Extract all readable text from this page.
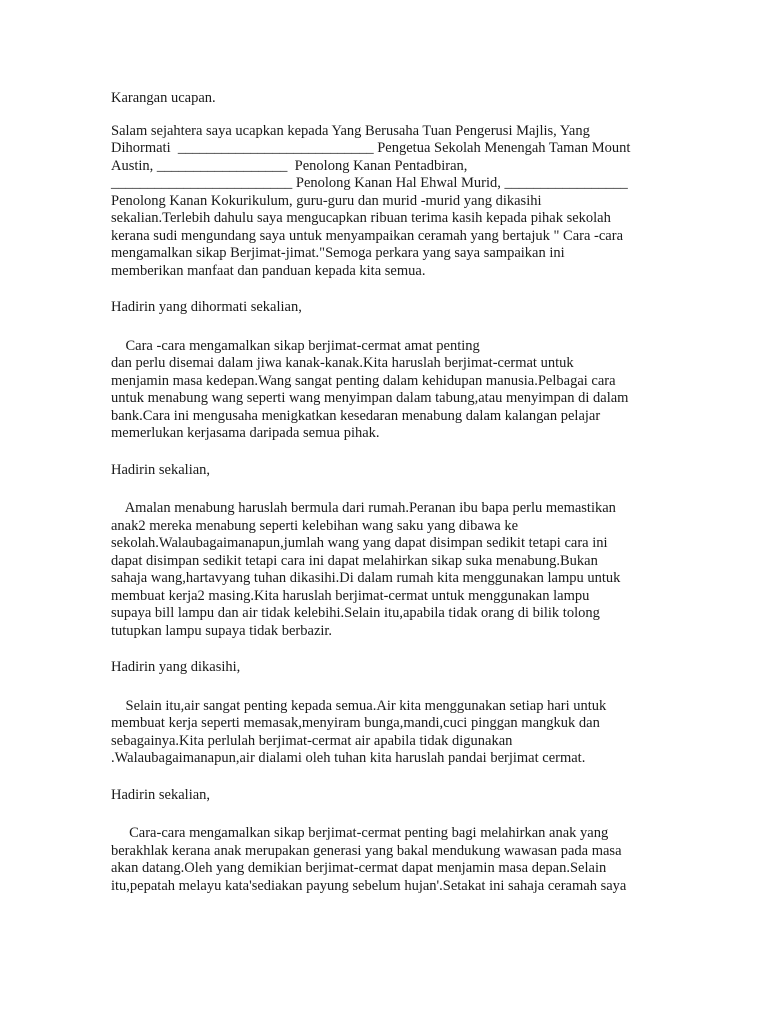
Karangan ucapan.

Salam sejahtera saya ucapkan kepada Yang Berusaha Tuan Pengerusi Majlis, Yang
Dihormati  ___________________________ Pengetua Sekolah Menengah Taman Mount
Austin, __________________  Penolong Kanan Pentadbiran,
_________________________ Penolong Kanan Hal Ehwal Murid, _________________
Penolong Kanan Kokurikulum, guru-guru dan murid -murid yang dikasihi
sekalian.Terlebih dahulu saya mengucapkan ribuan terima kasih kepada pihak sekolah
kerana sudi mengundang saya untuk menyampaikan ceramah yang bertajuk " Cara -cara
mengamalkan sikap Berjimat-jimat."Semoga perkara yang saya sampaikan ini
memberikan manfaat dan panduan kepada kita semua.

Hadirin yang dihormati sekalian,

Cara -cara mengamalkan sikap berjimat-cermat amat penting
dan perlu disemai dalam jiwa kanak-kanak.Kita haruslah berjimat-cermat untuk
menjamin masa kedepan.Wang sangat penting dalam kehidupan manusia.Pelbagai cara
untuk menabung wang seperti wang menyimpan dalam tabung,atau menyimpan di dalam
bank.Cara ini mengusaha menigkatkan kesedaran menabung dalam kalangan pelajar
memerlukan kerjasama daripada semua pihak.

Hadirin sekalian,

Amalan menabung haruslah bermula dari rumah.Peranan ibu bapa perlu memastikan
anak2 mereka menabung seperti kelebihan wang saku yang dibawa ke
sekolah.Walaubagaimanapun,jumlah wang yang dapat disimpan sedikit tetapi cara ini
dapat disimpan sedikit tetapi cara ini dapat melahirkan sikap suka menabung.Bukan
sahaja wang,hartavyang tuhan dikasihi.Di dalam rumah kita menggunakan lampu untuk
membuat kerja2 masing.Kita haruslah berjimat-cermat untuk menggunakan lampu
supaya bill lampu dan air tidak kelebihi.Selain itu,apabila tidak orang di bilik tolong
tutupkan lampu supaya tidak berbazir.

Hadirin yang dikasihi,

Selain itu,air sangat penting kepada semua.Air kita menggunakan setiap hari untuk
membuat kerja seperti memasak,menyiram bunga,mandi,cuci pinggan mangkuk dan
sebagainya.Kita perlulah berjimat-cermat air apabila tidak digunakan
.Walaubagaimanapun,air dialami oleh tuhan kita haruslah pandai berjimat cermat.

Hadirin sekalian,

Cara-cara mengamalkan sikap berjimat-cermat penting bagi melahirkan anak yang
berakhlak kerana anak merupakan generasi yang bakal mendukung wawasan pada masa
akan datang.Oleh yang demikian berjimat-cermat dapat menjamin masa depan.Selain
itu,pepatah melayu kata'sediakan payung sebelum hujan'.Setakat ini sahaja ceramah saya
